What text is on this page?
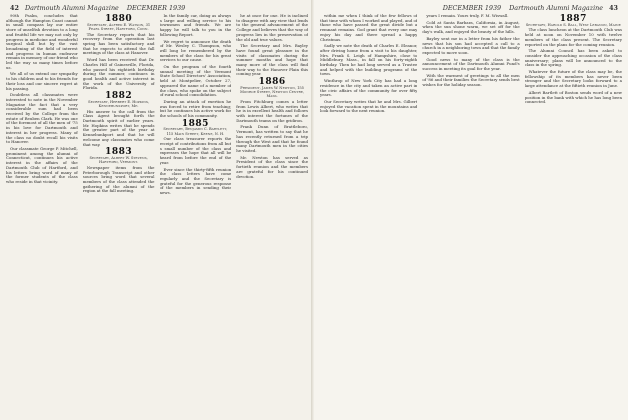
42 Dartmouth Alumni Magazine DECEMBER 1939

90th Psalm, concludes that although the Hampton Coast cannot in small compass lay our entire store of unselfish devotion to a long and fruitful life we may not only by progress in medicine and wonderful surgical skill but by the vast broadening of the field of interest and progress in human endeavor remain in memory of our friend who led the way so many times before us.

We all of us extend our sympathy to his children and to his friends for their loss and our sincere regret at his passing.

Doubtless all classmates were interested to note in the November Magazine the fact that a very considerable sum had been received by the College from the estate of Reuben Clark. He was one of the foremost of all the men of '75 in his love for Dartmouth and interest in her progress. Many of the class no doubt recall his visits to Hanover.

Our classmate George P. Mitchell, prominent among the alumni of Connecticut, continues his active interest in the affairs of the Dartmouth Club of Hartford, and his letters bring word of many of the former students of the class who reside in that vicinity.

1880
Secretary, Alfred E. Watson, 31 Pearl Street, Hartford, Conn.

The Secretary reports that his recovery from the operation last spring has been satisfactory and that he expects to attend the fall meetings of the class at Hanover.

Word has been received that Dr. Charles Hill of Gainesville, Florida, who passed his eightieth birthday during the summer, continues in good health and active interest in the work of the University of Florida.

1882
Secretary, Herbert E. Hopkins, Kennebunkport, Me.

His answer to the call from the Class Agent brought forth the Dartmouth spirit of earlier years. Mr. Hopkins writes that he spends the greater part of the year at Kennebunkport and that he will welcome any classmates who come that way.

1883
Secretary, Albert W. Stevens, Hartford, Vermont.

Newspaper items from the Peterborough Transcript and other sources bring word that several members of the class attended the gathering of the alumni of the region at the fall meeting.

In the family car, doing as always a large and willing service to his townsmen and friends. We are happy he will talk to you in the following Report.

We regret to announce the death of Mr. Wesley C. Thompson, who will long be remembered by the members of the class for his great services to our cause.

On the program of the fourth annual meeting of the Vermont State School Directors' Association, held at Montpelier, October 27, appeared the name of a member of the class, who spoke on the subject of rural school consolidation.

During an attack of exertion he was forced to retire from teaching; but he continues his active work for the schools of his community.

1885
Secretary, Benjamin C. Bartlett, 115 Main Street, Keene, N. H.

Our class treasurer reports the receipt of contributions from all but a small number of the class and expresses the hope that all will be heard from before the end of the year.

Ever since the thirty-fifth reunion the class letters have come regularly and the Secretary is grateful for the generous response of the members in sending their news.

he at once for one. He is inclined to disagree with any view that lends to the general advancement of the College and believes that the way of progress lies in the preservation of the old and true values.

The Secretary and Mrs. Bayley have found great pleasure in the visits of classmates during the summer months and hope that many more of the class will find their way to the Hanover Plain this coming year.

1886
President, James W. Newton, 155 Monroe Street, Newton Centre, Mass.

From Fitchburg comes a letter from Lewis Albert, who writes that he is in excellent health and follows with interest the fortunes of the Dartmouth teams on the gridiron.

Frank Dunn of Brattleboro, Vermont, has written to say that he has recently returned from a trip through the West and that he found many Dartmouth men in the cities he visited.

Mr. Newton has served as President of the class since the fortieth reunion and the members are grateful for his continued devotion.

DECEMBER 1939 Dartmouth Alumni Magazine 43

within me when I think of the few fellows of that time with whom I worked and played, and of those who have passed the great divide but a remnant remains. God grant that every one may enjoy his day and there spread a happy Christmas.

Sadly we note the death of Charles E. Eleanor, after driving home from a visit to his daughter, Mrs. Frank S. Leigh of Hampshire, close to Middlebury, Mass., in fall on his forty-eighth birthday. Then he had long served as a Trustee and helped with the building programs of the town.

Winthrop of New York City has had a long residence in the city and taken an active part in the civic affairs of the community for over fifty years.

Our Secretary writes that he and Mrs. Gilbert enjoyed the vacation spent in the mountains and look forward to the next reunion.

years I remain. Yours truly, F. M. Wiswall.

Cold at Santa Barbara, California, in August, when the sun shone warm, we set off for the day's walk, and enjoyed the beauty of the hills.

Bayley sent me in a letter from his father the news that his son had accepted a call to a church in a neighboring town and that the family expected to move soon.

Good news to many of the class is the announcement of the Dartmouth Alumni Fund's success in meeting its goal for the year.

With the warmest of greetings to all the men of '86 and their families the Secretary sends best wishes for the holiday season.

1887
Secretary, Harold S. Ball, West Lebanon, Maine

The class luncheon at the Dartmouth Club was held at noon on November 10 with twelve members of the class present. The Secretary reported on the plans for the coming reunion.

The Alumni Council has been asked to consider the approaching occasion of the class anniversary; plans will be announced to the class in the spring.

Whatever the future of the class may be, the fellowship of its members has never been stronger and the Secretary looks forward to a large attendance at the fiftieth reunion in June.

Albert Bartlett of Boston sends word of a new position in the bank with which he has long been connected.
